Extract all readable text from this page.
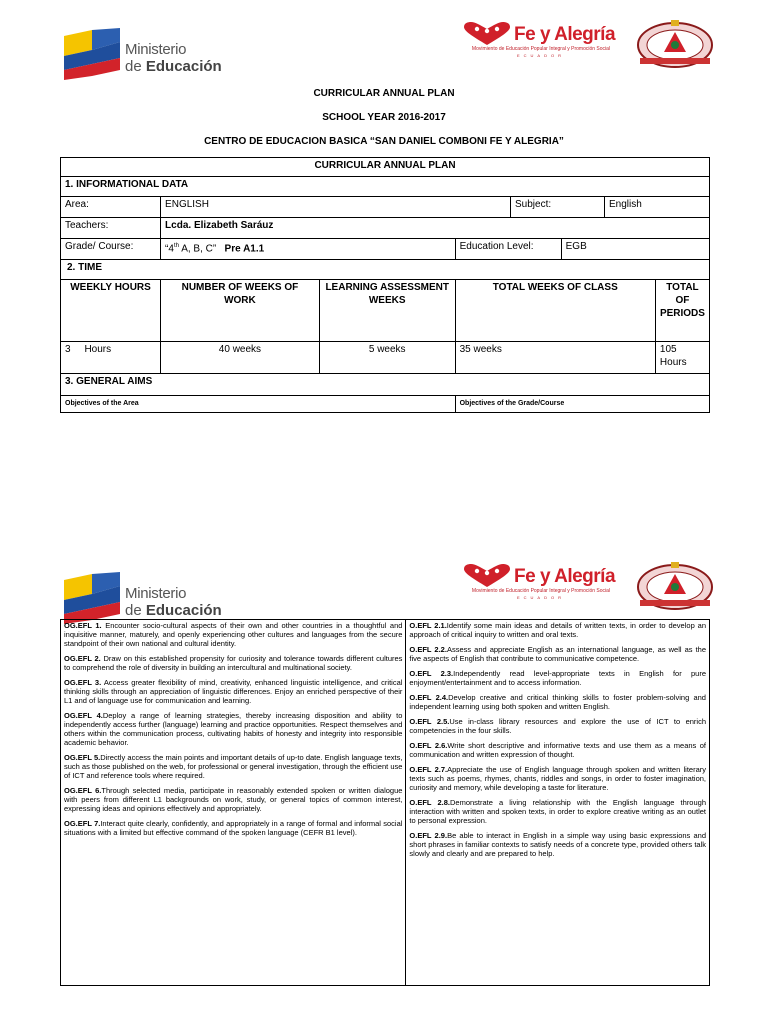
Ministerio
de Educación
Fe y Alegría
Movimiento de Educación Popular Integral y Promoción Social
ECUADOR
CURRICULAR ANNUAL PLAN
SCHOOL YEAR 2016-2017
CENTRO DE EDUCACION BASICA “SAN DANIEL COMBONI FE Y ALEGRIA”
CURRICULAR ANNUAL PLAN							
1. INFORMATIONAL DATA							
Area:	ENGLISH			Subject:		English	
Teachers:	Lcda. Elizabeth Saráuz						
Grade/ Course:	“4th A, B, C” Pre A1.1		Education Level:		EGB		
2. TIME							
WEEKLY HOURS	NUMBER OF WEEKS OF WORK	LEARNING ASSESSMENT WEEKS	TOTAL WEEKS OF CLASS				TOTAL OF PERIODS
3     Hours	40 weeks	5 weeks	35 weeks				105 Hours
3. GENERAL AIMS							
Objectives of the Area			Objectives of the Grade/Course				
Ministerio
de Educación
Fe y Alegría
Movimiento de Educación Popular Integral y Promoción Social
ECUADOR

OG.EFL 1. Encounter socio-cultural aspects of their own and other countries in a thoughtful and inquisitive manner, maturely, and openly experiencing other cultures and languages from the secure standpoint of their own national and cultural identity.

OG.EFL 2. Draw on this established propensity for curiosity and tolerance towards different cultures to comprehend the role of diversity in building an intercultural and multinational society.

OG.EFL 3. Access greater flexibility of mind, creativity, enhanced linguistic intelligence, and critical thinking skills through an appreciation of linguistic differences. Enjoy an enriched perspective of their L1 and of language use for communication and learning.

OG.EFL 4.Deploy a range of learning strategies, thereby increasing disposition and ability to independently access further (language) learning and practice opportunities. Respect themselves and others within the communication process, cultivating habits of honesty and integrity into responsible academic behavior.

OG.EFL 5.Directly access the main points and important details of up-to date. English language texts, such as those published on the web, for professional or general investigation, through the efficient use of ICT and reference tools where required.

OG.EFL 6.Through selected media, participate in reasonably extended spoken or written dialogue with peers from different L1 backgrounds on work, study, or general topics of common interest, expressing ideas and opinions effectively and appropriately.

OG.EFL 7.Interact quite clearly, confidently, and appropriately in a range of formal and informal social situations with a limited but effective command of the spoken language (CEFR B1 level).

O.EFL 2.1.Identify some main ideas and details of written texts, in order to develop an approach of critical inquiry to written and oral texts.

O.EFL 2.2.Assess and appreciate English as an international language, as well as the five aspects of English that contribute to communicative competence.

O.EFL 2.3.Independently read level-appropriate texts in English for pure enjoyment/entertainment and to access information.

O.EFL 2.4.Develop creative and critical thinking skills to foster problem-solving and independent learning using both spoken and written English.

O.EFL 2.5.Use in-class library resources and explore the use of ICT to enrich competencies in the four skills.

O.EFL 2.6.Write short descriptive and informative texts and use them as a means of communication and written expression of thought.

O.EFL 2.7.Appreciate the use of English language through spoken and written literary texts such as poems, rhymes, chants, riddles and songs, in order to foster imagination, curiosity and memory, while developing a taste for literature.

O.EFL 2.8.Demonstrate a living relationship with the English language through interaction with written and spoken texts, in order to explore creative writing as an outlet to personal expression.

O.EFL 2.9.Be able to interact in English in a simple way using basic expressions and short phrases in familiar contexts to satisfy needs of a concrete type, provided others talk slowly and clearly and are prepared to help.
